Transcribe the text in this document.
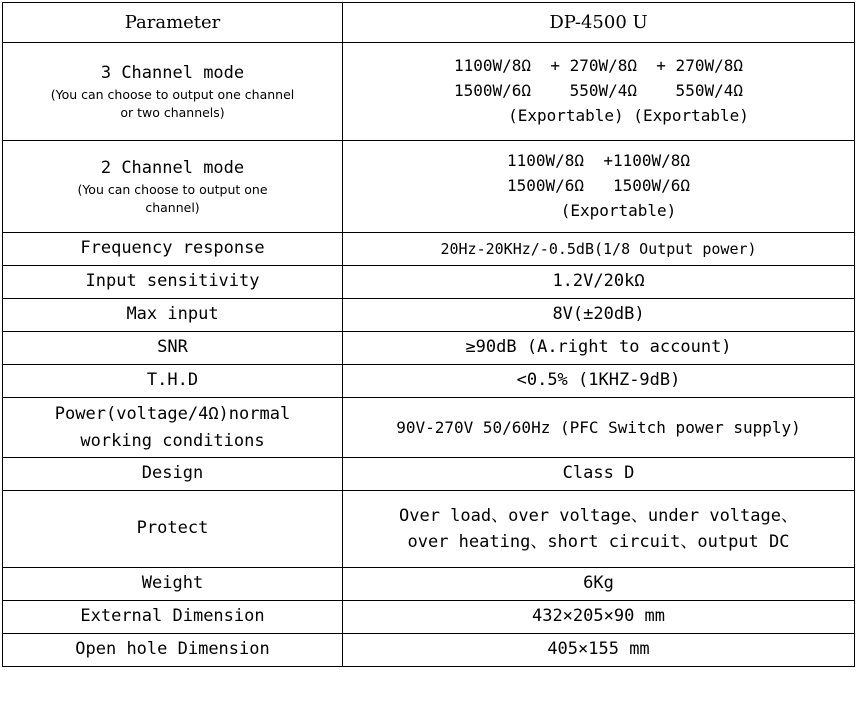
Parameter	DP-4500 U

3 Channel mode
(You can choose to output one channel
or two channels)	1100W/8Ω  + 270W/8Ω  + 270W/8Ω
1500W/6Ω    550W/4Ω    550W/4Ω
(Exportable) (Exportable)

2 Channel mode
(You can choose to output one
channel)	1100W/8Ω  +1100W/8Ω
1500W/6Ω   1500W/6Ω
(Exportable)

Frequency response	20Hz-20KHz/-0.5dB(1/8 Output power)
Input sensitivity	1.2V/20kΩ
Max input	8V(±20dB)
SNR	≥90dB (A.right to account)
T.H.D	<0.5% (1KHZ-9dB)

Power(voltage/4Ω)normal
working conditions	90V-270V 50/60Hz (PFC Switch power supply)
Design	Class D
Protect	Over load、over voltage、under voltage、
over heating、short circuit、output DC

Weight	6Kg
External Dimension	432×205×90 mm
Open hole Dimension	405×155 mm
